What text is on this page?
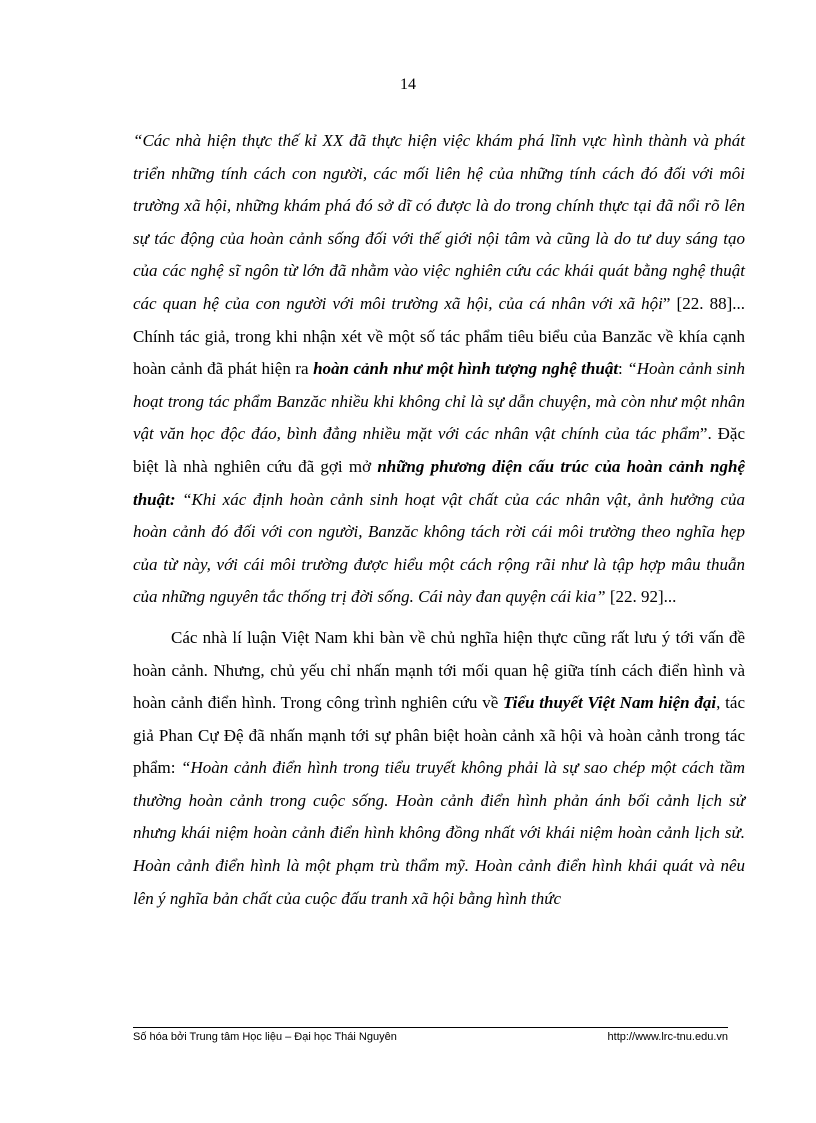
14

“Các nhà hiện thực thế kỉ XX đã thực hiện việc khám phá lĩnh vực hình thành và phát triển những tính cách con người, các mối liên hệ của những tính cách đó đối với môi trường xã hội, những khám phá đó sở dĩ có được là do trong chính thực tại đã nổi rõ lên sự tác động của hoàn cảnh sống đối với thế giới nội tâm và cũng là do tư duy sáng tạo của các nghệ sĩ ngôn từ lớn đã nhằm vào việc nghiên cứu các khái quát bằng nghệ thuật các quan hệ của con người với môi trường xã hội, của cá nhân với xã hội” [22. 88]... Chính tác giả, trong khi nhận xét về một số tác phẩm tiêu biểu của Banzăc về khía cạnh hoàn cảnh đã phát hiện ra hoàn cảnh như một hình tượng nghệ thuật: “Hoàn cảnh sinh hoạt trong tác phẩm Banzăc nhiều khi không chỉ là sự dẫn chuyện, mà còn như một nhân vật văn học độc đáo, bình đẳng nhiều mặt với các nhân vật chính của tác phẩm”. Đặc biệt là nhà nghiên cứu đã gợi mở những phương diện cấu trúc của hoàn cảnh nghệ thuật: “Khi xác định hoàn cảnh sinh hoạt vật chất của các nhân vật, ảnh hưởng của hoàn cảnh đó đối với con người, Banzăc không tách rời cái môi trường theo nghĩa hẹp của từ này, với cái môi trường được hiểu một cách rộng rãi như là tập hợp mâu thuẫn của những nguyên tắc thống trị đời sống. Cái này đan quyện cái kia” [22. 92]...

Các nhà lí luận Việt Nam khi bàn về chủ nghĩa hiện thực cũng rất lưu ý tới vấn đề hoàn cảnh. Nhưng, chủ yếu chỉ nhấn mạnh tới mối quan hệ giữa tính cách điển hình và hoàn cảnh điển hình. Trong công trình nghiên cứu về Tiểu thuyết Việt Nam hiện đại, tác giả Phan Cự Đệ đã nhấn mạnh tới sự phân biệt hoàn cảnh xã hội và hoàn cảnh trong tác phẩm: “Hoàn cảnh điển hình trong tiểu truyết không phải là sự sao chép một cách tầm thường hoàn cảnh trong cuộc sống. Hoàn cảnh điển hình phản ánh bối cảnh lịch sử nhưng khái niệm hoàn cảnh điển hình không đồng nhất với khái niệm hoàn cảnh lịch sử. Hoàn cảnh điển hình là một phạm trù thẩm mỹ. Hoàn cảnh điển hình khái quát và nêu lên ý nghĩa bản chất của cuộc đấu tranh xã hội bằng hình thức

Số hóa bởi Trung tâm Học liệu – Đại học Thái Nguyên	http://www.lrc-tnu.edu.vn
